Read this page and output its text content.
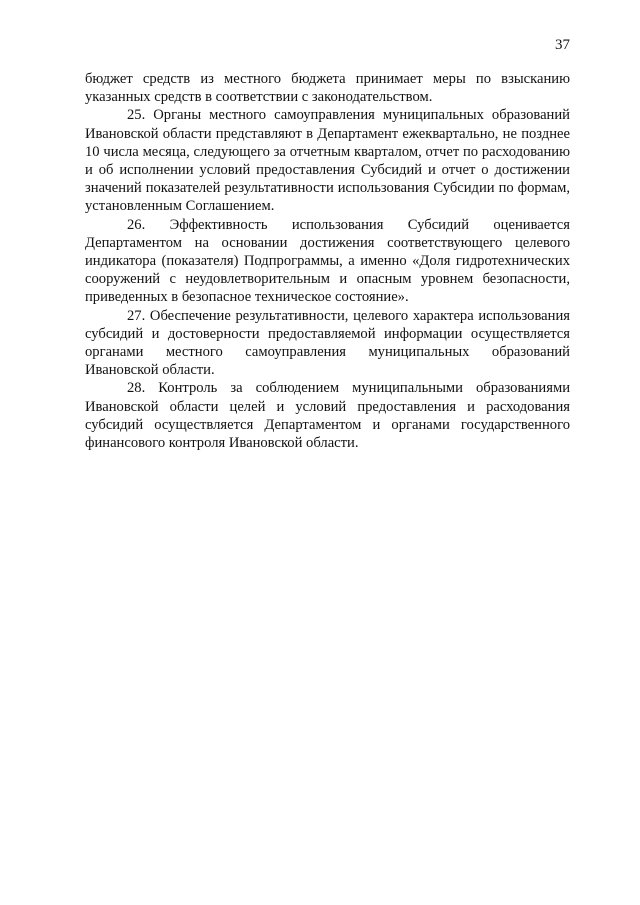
37

бюджет средств из местного бюджета принимает меры по взысканию указанных средств в соответствии с законодательством.

25. Органы местного самоуправления муниципальных образований Ивановской области представляют в Департамент ежеквартально, не позднее 10 числа месяца, следующего за отчетным кварталом, отчет по расходованию и об исполнении условий предоставления Субсидий и отчет о достижении значений показателей результативности использования Субсидии по формам, установленным Соглашением.

26. Эффективность использования Субсидий оценивается Департаментом на основании достижения соответствующего целевого индикатора (показателя) Подпрограммы, а именно «Доля гидротехнических сооружений с неудовлетворительным и опасным уровнем безопасности, приведенных в безопасное техническое состояние».

27. Обеспечение результативности, целевого характера использования субсидий и достоверности предоставляемой информации осуществляется органами местного самоуправления муниципальных образований Ивановской области.

28. Контроль за соблюдением муниципальными образованиями Ивановской области целей и условий предоставления и расходования субсидий осуществляется Департаментом и органами государственного финансового контроля Ивановской области.
